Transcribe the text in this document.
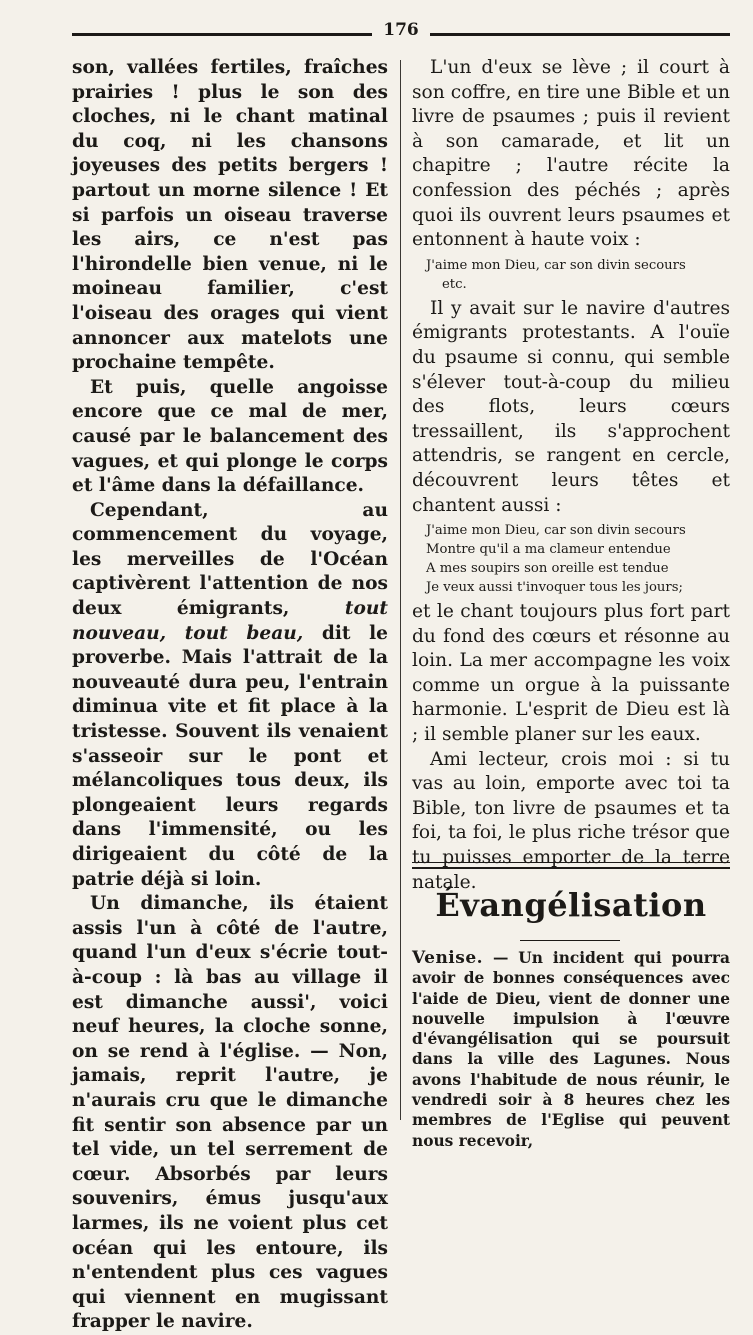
176

son, vallées fertiles, fraîches prairies ! plus le son des cloches, ni le chant matinal du coq, ni les chansons joyeuses des petits bergers ! partout un morne silence ! Et si parfois un oiseau traverse les airs, ce n'est pas l'hirondelle bien venue, ni le moineau familier, c'est l'oiseau des orages qui vient annoncer aux matelots une prochaine tempête.

Et puis, quelle angoisse encore que ce mal de mer, causé par le balancement des vagues, et qui plonge le corps et l'âme dans la défaillance.

Cependant, au commencement du voyage, les merveilles de l'Océan captivèrent l'attention de nos deux émigrants,	tout nouveau, tout beau, dit le proverbe. Mais l'attrait de la nouveauté dura peu, l'entrain diminua vite et fit place à la tristesse. Souvent ils venaient s'asseoir sur le pont et mélancoliques tous deux, ils plongeaient leurs regards dans l'immensité, ou les dirigeaient du côté de la patrie déjà si loin.

Un dimanche, ils étaient assis l'un à côté de l'autre, quand l'un d'eux s'écrie tout-à-coup : là bas au village il est dimanche aussi', voici neuf heures, la cloche sonne, on se rend à l'église. — Non, jamais, reprit l'autre, je n'aurais cru que le dimanche fit sentir son absence par un tel vide, un tel serrement de cœur. Absorbés par leurs souvenirs, émus jusqu'aux larmes, ils ne voient plus cet océan qui les entoure, ils n'entendent plus ces vagues qui viennent en mugissant frapper le navire.

L'un d'eux se lève ; il court à son coffre, en tire une Bible et un livre de psaumes ; puis il revient à son camarade, et lit un chapitre ; l'autre récite la confession des péchés ; après quoi ils ouvrent leurs psaumes et entonnent à haute voix :

J'aime mon Dieu, car son divin secours
etc.

Il y avait sur le navire d'autres émigrants protestants. A l'ouïe du psaume si connu, qui semble s'élever tout-à-coup du milieu des flots, leurs cœurs tressaillent, ils s'approchent attendris, se rangent en cercle, découvrent leurs têtes et chantent aussi :

J'aime mon Dieu, car son divin secours
Montre qu'il a ma clameur entendue
A mes soupirs son oreille est tendue
Je veux aussi t'invoquer tous les jours;

et le chant toujours plus fort part du fond des cœurs et résonne au loin. La mer accompagne les voix comme un orgue à la puissante harmonie. L'esprit de Dieu est là ; il semble planer sur les eaux.

Ami lecteur, crois moi : si tu vas au loin, emporte avec toi ta Bible, ton livre de psaumes et ta foi, ta foi, le plus riche trésor que tu puisses emporter de la terre natale.

Évangélisation
Venise. — Un incident qui pourra avoir de bonnes conséquences avec l'aide de Dieu, vient de donner une nouvelle impulsion à l'œuvre d'évangélisation qui se poursuit dans la ville des Lagunes. Nous avons l'habitude de nous réunir, le vendredi soir à 8 heures chez les membres de l'Eglise qui peuvent nous recevoir,
